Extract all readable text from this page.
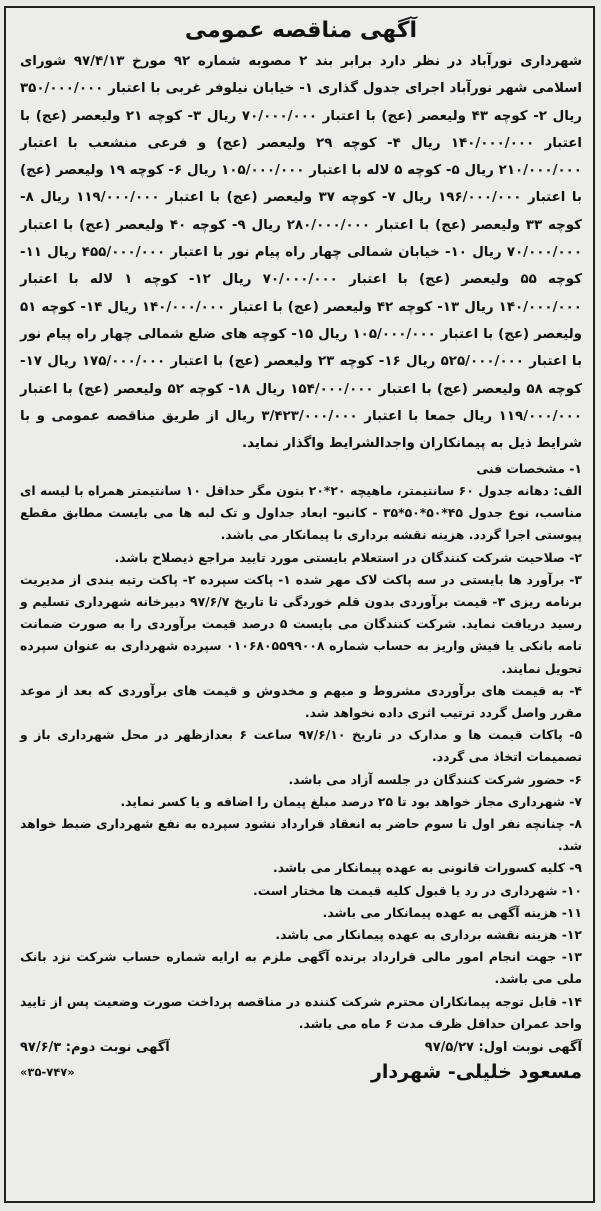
آگهی مناقصه عمومی

شهرداری نورآباد در نظر دارد برابر بند ۲ مصوبه شماره ۹۲ مورخ ۹۷/۴/۱۳ شورای اسلامی شهر نورآباد اجرای جدول گذاری ۱- خیابان نیلوفر غربی با اعتبار ۳۵۰/۰۰۰/۰۰۰ ریال ۲- کوچه ۴۳ ولیعصر (عج) با اعتبار ۷۰/۰۰۰/۰۰۰ ریال ۳- کوچه ۲۱ ولیعصر (عج) با اعتبار ۱۴۰/۰۰۰/۰۰۰ ریال ۴- کوچه ۲۹ ولیعصر (عج) و فرعی منشعب با اعتبار ۲۱۰/۰۰۰/۰۰۰ ریال ۵- کوچه ۵ لاله با اعتبار ۱۰۵/۰۰۰/۰۰۰ ریال ۶- کوچه ۱۹ ولیعصر (عج) با اعتبار ۱۹۶/۰۰۰/۰۰۰ ریال ۷- کوچه ۳۷ ولیعصر (عج) با اعتبار ۱۱۹/۰۰۰/۰۰۰ ریال ۸- کوچه ۳۳ ولیعصر (عج) با اعتبار ۲۸۰/۰۰۰/۰۰۰ ریال ۹- کوچه ۴۰ ولیعصر (عج) با اعتبار ۷۰/۰۰۰/۰۰۰ ریال ۱۰- خیابان شمالی چهار راه پیام نور با اعتبار ۴۵۵/۰۰۰/۰۰۰ ریال ۱۱- کوچه ۵۵ ولیعصر (عج) با اعتبار ۷۰/۰۰۰/۰۰۰ ریال ۱۲- کوچه ۱ لاله با اعتبار ۱۴۰/۰۰۰/۰۰۰ ریال ۱۳- کوچه ۴۲ ولیعصر (عج) با اعتبار ۱۴۰/۰۰۰/۰۰۰ ریال ۱۴- کوچه ۵۱ ولیعصر (عج) با اعتبار ۱۰۵/۰۰۰/۰۰۰ ریال ۱۵- کوچه های ضلع شمالی چهار راه پیام نور با اعتبار ۵۲۵/۰۰۰/۰۰۰ ریال ۱۶- کوچه ۲۳ ولیعصر (عج) با اعتبار ۱۷۵/۰۰۰/۰۰۰ ریال ۱۷- کوچه ۵۸ ولیعصر (عج) با اعتبار ۱۵۴/۰۰۰/۰۰۰ ریال ۱۸- کوچه ۵۲ ولیعصر (عج) با اعتبار ۱۱۹/۰۰۰/۰۰۰ ریال جمعا با اعتبار ۳/۴۲۳/۰۰۰/۰۰۰ ریال از طریق مناقصه عمومی و با شرایط ذیل به پیمانکاران واجدالشرایط واگذار نماید.

۱- مشخصات فنی

الف: دهانه جدول ۶۰ سانتیمتر، ماهیچه ۲۰*۲۰ بتون مگر حداقل ۱۰ سانتیمتر همراه با لیسه ای مناسب، نوع جدول ۴۵*۵۰*۵۰*۳۵ - کانیو- ابعاد جداول و تک لبه ها می بایست مطابق مقطع پیوستی اجرا گردد. هزینه نقشه برداری با پیمانکار می باشد.

۲- صلاحیت شرکت کنندگان در استعلام بایستی مورد تایید مراجع ذیصلاح باشد.

۳- برآورد ها بایستی در سه پاکت لاک مهر شده ۱- پاکت سپرده ۲- پاکت رتبه بندی از مدیریت برنامه ریزی ۳- قیمت برآوردی بدون قلم خوردگی تا تاریخ ۹۷/۶/۷ دبیرخانه شهرداری تسلیم و رسید دریافت نماید. شرکت کنندگان می بایست ۵ درصد قیمت برآوردی را به صورت ضمانت نامه بانکی یا فیش واریز به حساب شماره ۰۱۰۶۸۰۵۵۹۹۰۰۸ سپرده شهرداری به عنوان سپرده تحویل نمایند.

۴- به قیمت های برآوردی مشروط و مبهم و مخدوش و قیمت های برآوردی که بعد از موعد مقرر واصل گردد ترتیب اثری داده نخواهد شد.

۵- پاکات قیمت ها و مدارک در تاریخ ۹۷/۶/۱۰ ساعت ۶ بعدازظهر در محل شهرداری باز و تصمیمات اتخاذ می گردد.

۶- حضور شرکت کنندگان در جلسه آزاد می باشد.

۷- شهرداری مجاز خواهد بود تا ۲۵ درصد مبلغ پیمان را اضافه و یا کسر نماید.

۸- چنانچه نفر اول تا سوم حاضر به انعقاد قرارداد نشود سپرده به نفع شهرداری ضبط خواهد شد.

۹- کلیه کسورات قانونی به عهده پیمانکار می باشد.

۱۰- شهرداری در رد یا قبول کلیه قیمت ها مختار است.

۱۱- هزینه آگهی به عهده پیمانکار می باشد.

۱۲- هزینه نقشه برداری به عهده پیمانکار می باشد.

۱۳- جهت انجام امور مالی قرارداد برنده آگهی ملزم به ارایه شماره حساب شرکت نزد بانک ملی می باشد.

۱۴- قابل توجه پیمانکاران محترم شرکت کننده در مناقصه پرداخت صورت وضعیت پس از تایید واحد عمران حداقل ظرف مدت ۶ ماه می باشد.

آگهی نوبت اول: ۹۷/۵/۲۷
آگهی نوبت دوم: ۹۷/۶/۳
مسعود خلیلی- شهردار
«۳۵-۷۴۷»
